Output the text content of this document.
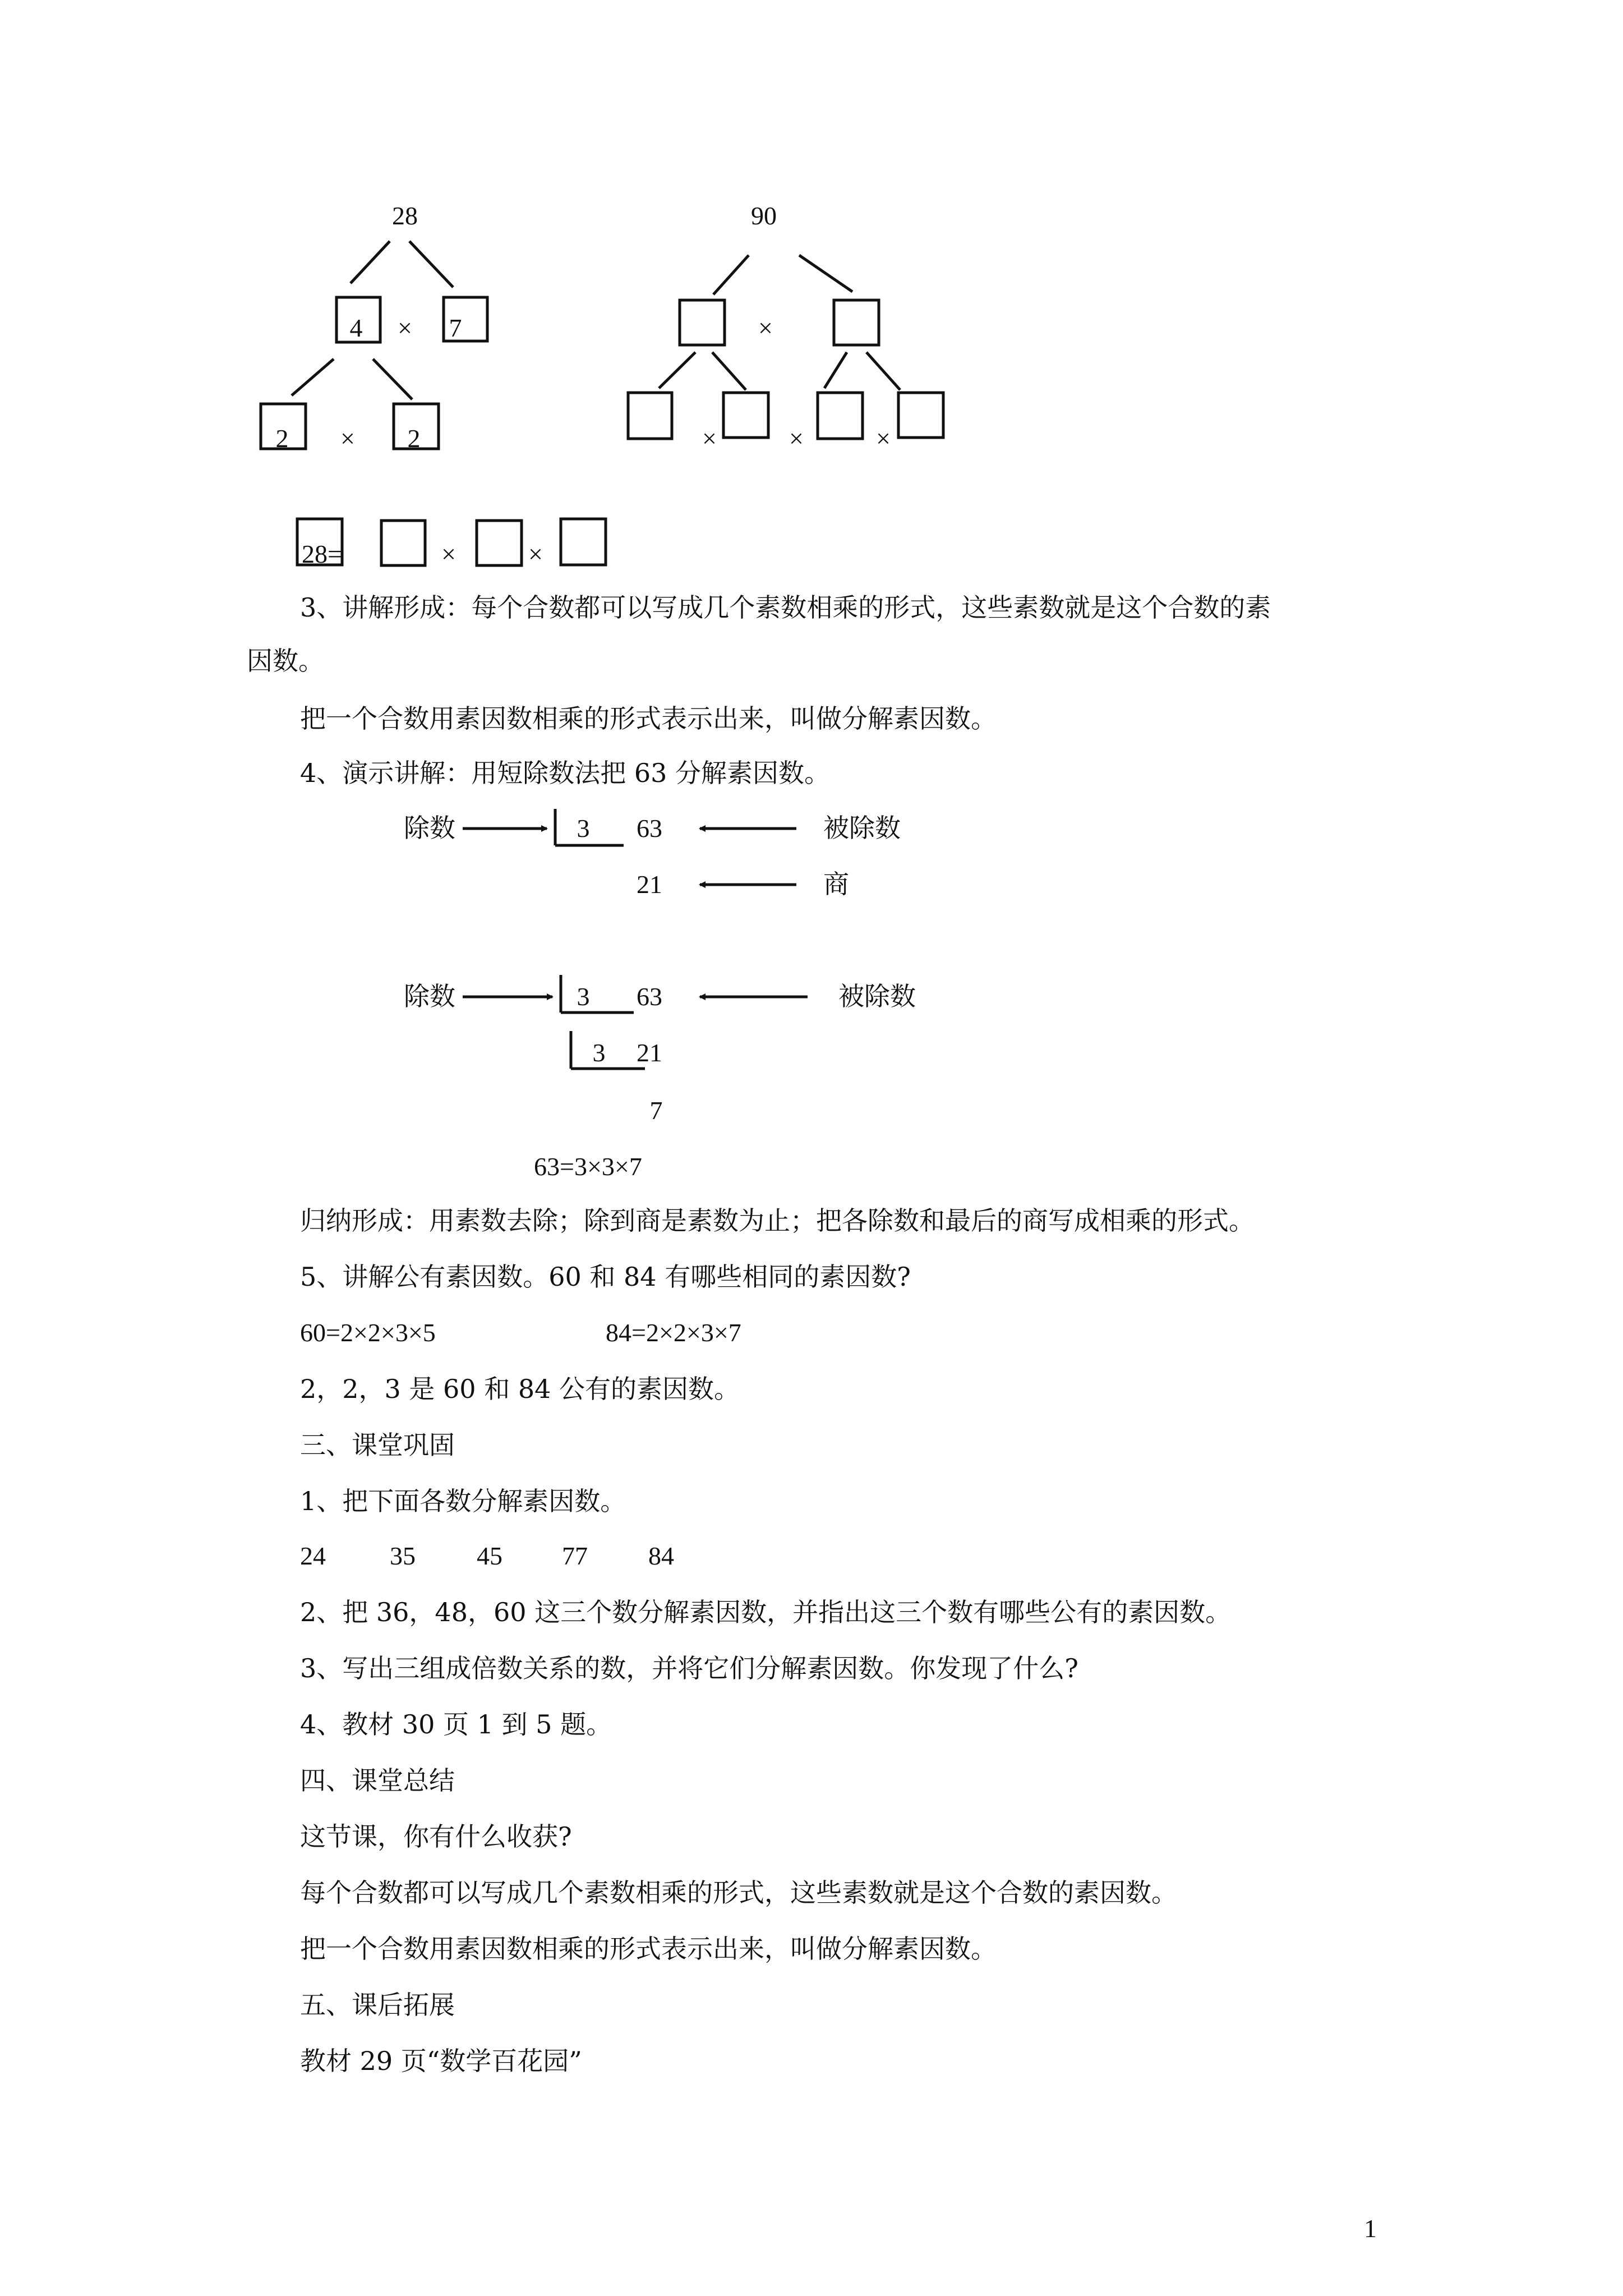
28
4 × 7
2 × 2
90
×
×	×	×
28=	×	×
3、讲解形成：每个合数都可以写成几个素数相乘的形式，这些素数就是这个合数的素
因数。
把一个合数用素因数相乘的形式表示出来，叫做分解素因数。
4、演示讲解：用短除数法把 63 分解素因数。
除数	3 63	被除数
21	商
除数	3 63	被除数
3 21
7
63=3×3×7
归纳形成：用素数去除；除到商是素数为止；把各除数和最后的商写成相乘的形式。
5、讲解公有素因数。60 和 84 有哪些相同的素因数?
60=2×2×3×5	84=2×2×3×7
2，2，3 是 60 和 84 公有的素因数。
三、课堂巩固
1、把下面各数分解素因数。
24 35 45 77 84
2、把 36，48，60 这三个数分解素因数，并指出这三个数有哪些公有的素因数。
3、写出三组成倍数关系的数，并将它们分解素因数。你发现了什么?
4、教材 30 页 1 到 5 题。
四、课堂总结
这节课，你有什么收获?
每个合数都可以写成几个素数相乘的形式，这些素数就是这个合数的素因数。
把一个合数用素因数相乘的形式表示出来，叫做分解素因数。
五、课后拓展
教材 29 页“数学百花园”
1
